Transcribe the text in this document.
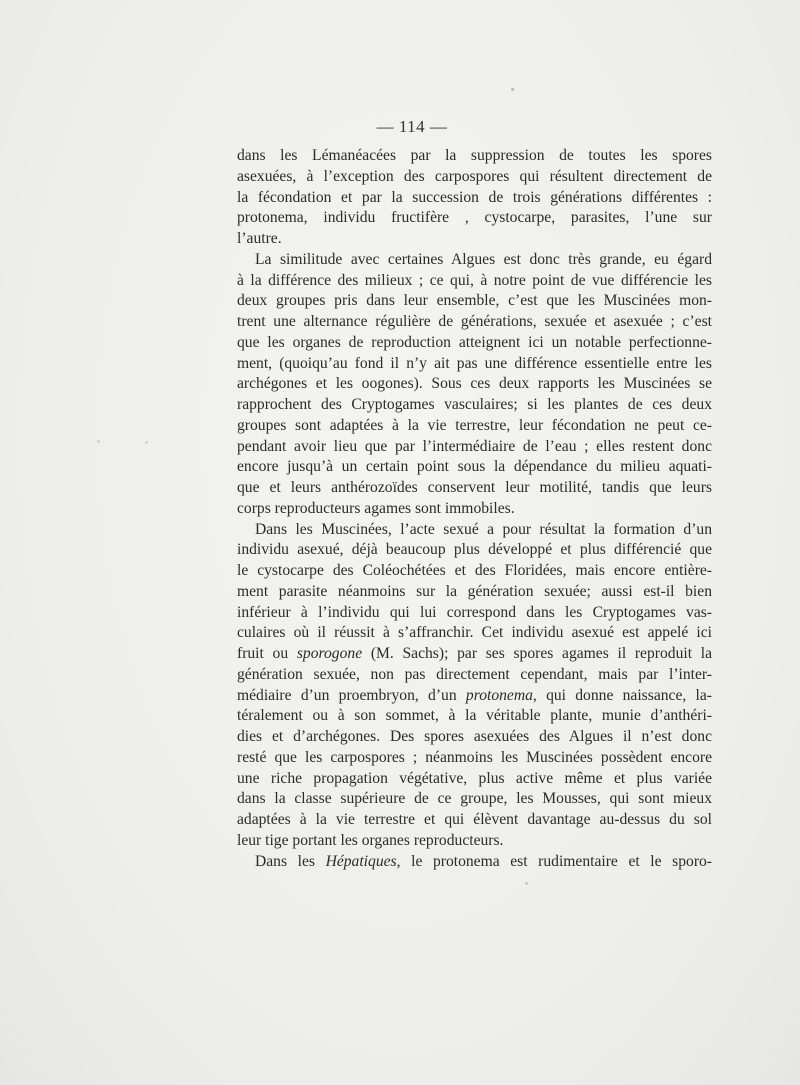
— 114 —
dans les Lémanéacées par la suppression de toutes les spores
asexuées, à l’exception des carpospores qui résultent directement de
la fécondation et par la succession de trois générations différentes :
protonema, individu fructifère , cystocarpe, parasites, l’une sur
l’autre.
La similitude avec certaines Algues est donc très grande, eu égard
à la différence des milieux ; ce qui, à notre point de vue différencie les
deux groupes pris dans leur ensemble, c’est que les Muscinées mon-
trent une alternance régulière de générations, sexuée et asexuée ; c’est
que les organes de reproduction atteignent ici un notable perfectionne-
ment, (quoiqu’au fond il n’y ait pas une différence essentielle entre les
archégones et les oogones). Sous ces deux rapports les Muscinées se
rapprochent des Cryptogames vasculaires; si les plantes de ces deux
groupes sont adaptées à la vie terrestre, leur fécondation ne peut ce-
pendant avoir lieu que par l’intermédiaire de l’eau ; elles restent donc
encore jusqu’à un certain point sous la dépendance du milieu aquati-
que et leurs anthérozoïdes conservent leur motilité, tandis que leurs
corps reproducteurs agames sont immobiles.
Dans les Muscinées, l’acte sexué a pour résultat la formation d’un
individu asexué, déjà beaucoup plus développé et plus différencié que
le cystocarpe des Coléochétées et des Floridées, mais encore entière-
ment parasite néanmoins sur la génération sexuée; aussi est-il bien
inférieur à l’individu qui lui correspond dans les Cryptogames vas-
culaires où il réussit à s’affranchir. Cet individu asexué est appelé ici
fruit ou sporogone (M. Sachs); par ses spores agames il reproduit la
génération sexuée, non pas directement cependant, mais par l’inter-
médiaire d’un proembryon, d’un protonema, qui donne naissance, la-
téralement ou à son sommet, à la véritable plante, munie d’anthéri-
dies et d’archégones. Des spores asexuées des Algues il n’est donc
resté que les carpospores ; néanmoins les Muscinées possèdent encore
une riche propagation végétative, plus active même et plus variée
dans la classe supérieure de ce groupe, les Mousses, qui sont mieux
adaptées à la vie terrestre et qui élèvent davantage au-dessus du sol
leur tige portant les organes reproducteurs.
Dans les Hépatiques, le protonema est rudimentaire et le sporo-
